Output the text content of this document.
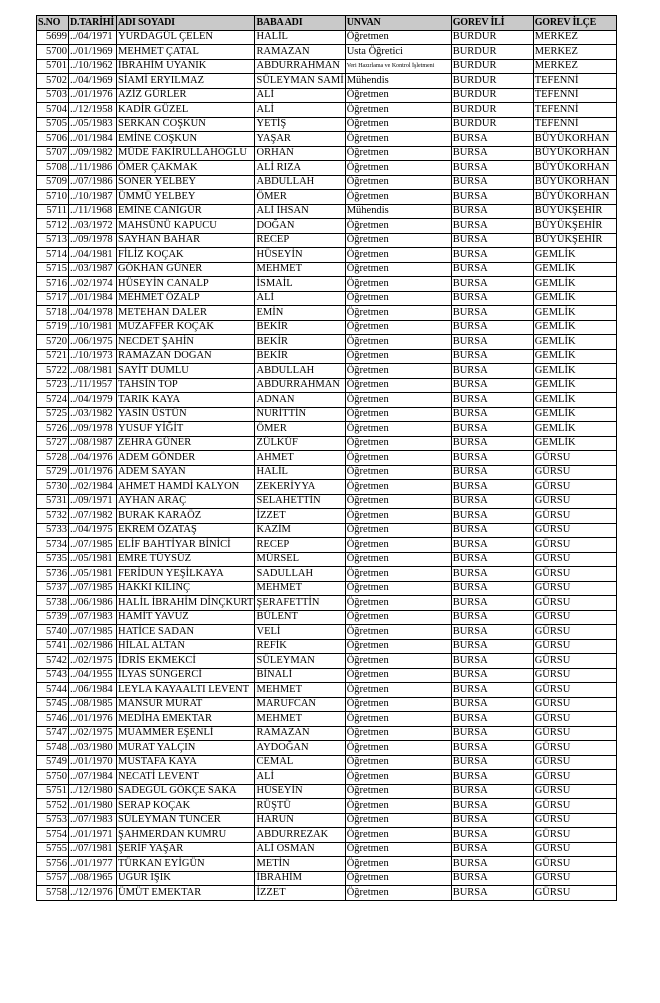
S.NO	D.TARİHİ	ADI SOYADI	BABA ADI	UNVAN	GOREV İLİ	GOREV İLÇE
5699	../04/1971	YURDAGÜL ÇELEN	HALİL	Öğretmen	BURDUR	MERKEZ
5700	../01/1969	MEHMET ÇATAL	RAMAZAN	Usta Öğretici	BURDUR	MERKEZ
5701	../10/1962	İBRAHİM UYANIK	ABDURRAHMAN	Veri Hazırlama ve Kontrol İşletmeni	BURDUR	MERKEZ
5702	../04/1969	SİAMİ ERYILMAZ	SÜLEYMAN SAMİ	Mühendis	BURDUR	TEFENNİ
5703	../01/1976	AZİZ GÜRLER	ALİ	Öğretmen	BURDUR	TEFENNİ
5704	../12/1958	KADİR GÜZEL	ALİ	Öğretmen	BURDUR	TEFENNİ
5705	../05/1983	SERKAN COŞKUN	YETİŞ	Öğretmen	BURDUR	TEFENNİ
5706	../01/1984	EMİNE COŞKUN	YAŞAR	Öğretmen	BURSA	BÜYÜKORHAN
5707	../09/1982	MÜDE FAKİRULLAHOĞLU	ORHAN	Öğretmen	BURSA	BÜYÜKORHAN
5708	../11/1986	ÖMER ÇAKMAK	ALİ RIZA	Öğretmen	BURSA	BÜYÜKORHAN
5709	../07/1986	SONER YELBEY	ABDULLAH	Öğretmen	BURSA	BÜYÜKORHAN
5710	../10/1987	ÜMMÜ YELBEY	ÖMER	Öğretmen	BURSA	BÜYÜKORHAN
5711	../11/1968	EMİNE CANİGÜR	ALİ İHSAN	Mühendis	BURSA	BÜYÜKŞEHİR
5712	../03/1972	MAHSÜNÜ KAPUCU	DOĞAN	Öğretmen	BURSA	BÜYÜKŞEHİR
5713	../09/1978	SAYHAN BAHAR	RECEP	Öğretmen	BURSA	BÜYÜKŞEHİR
5714	../04/1981	FİLİZ KOÇAK	HÜSEYİN	Öğretmen	BURSA	GEMLİK
5715	../03/1987	GÖKHAN GÜNER	MEHMET	Öğretmen	BURSA	GEMLİK
5716	../02/1974	HÜSEYİN CANALP	İSMAİL	Öğretmen	BURSA	GEMLİK
5717	../01/1984	MEHMET ÖZALP	ALİ	Öğretmen	BURSA	GEMLİK
5718	../04/1978	METEHAN DALER	EMİN	Öğretmen	BURSA	GEMLİK
5719	../10/1981	MUZAFFER KOÇAK	BEKİR	Öğretmen	BURSA	GEMLİK
5720	../06/1975	NECDET ŞAHİN	BEKİR	Öğretmen	BURSA	GEMLİK
5721	../10/1973	RAMAZAN DOĞAN	BEKİR	Öğretmen	BURSA	GEMLİK
5722	../08/1981	SAYİT DUMLU	ABDULLAH	Öğretmen	BURSA	GEMLİK
5723	../11/1957	TAHSİN TOP	ABDURRAHMAN	Öğretmen	BURSA	GEMLİK
5724	../04/1979	TARIK KAYA	ADNAN	Öğretmen	BURSA	GEMLİK
5725	../03/1982	YASİN ÜSTÜN	NURİTTİN	Öğretmen	BURSA	GEMLİK
5726	../09/1978	YUSUF YİĞİT	ÖMER	Öğretmen	BURSA	GEMLİK
5727	../08/1987	ZEHRA GÜNER	ZÜLKÜF	Öğretmen	BURSA	GEMLİK
5728	../04/1976	ADEM GÖNDER	AHMET	Öğretmen	BURSA	GÜRSU
5729	../01/1976	ADEM SAYAN	HALİL	Öğretmen	BURSA	GÜRSU
5730	../02/1984	AHMET HAMDİ KALYON	ZEKERİYYA	Öğretmen	BURSA	GÜRSU
5731	../09/1971	AYHAN ARAÇ	SELAHETTİN	Öğretmen	BURSA	GÜRSU
5732	../07/1982	BURAK KARAÖZ	İZZET	Öğretmen	BURSA	GÜRSU
5733	../04/1975	EKREM ÖZATAŞ	KAZİM	Öğretmen	BURSA	GÜRSU
5734	../07/1985	ELİF BAHTİYAR BİNİCİ	RECEP	Öğretmen	BURSA	GÜRSU
5735	../05/1981	EMRE TÜYSÜZ	MÜRSEL	Öğretmen	BURSA	GÜRSU
5736	../05/1981	FERİDUN YEŞİLKAYA	SADULLAH	Öğretmen	BURSA	GÜRSU
5737	../07/1985	HAKKI KILINÇ	MEHMET	Öğretmen	BURSA	GÜRSU
5738	../06/1986	HALİL İBRAHİM DİNÇKURT	ŞERAFETTİN	Öğretmen	BURSA	GÜRSU
5739	../07/1983	HAMİT YAVUZ	BÜLENT	Öğretmen	BURSA	GÜRSU
5740	../07/1985	HATİCE SADAN	VELİ	Öğretmen	BURSA	GÜRSU
5741	../02/1986	HİLAL ALTAN	REFİK	Öğretmen	BURSA	GÜRSU
5742	../02/1975	İDRİS EKMEKCİ	SÜLEYMAN	Öğretmen	BURSA	GÜRSU
5743	../04/1955	İLYAS SÜNGERCİ	BİNALİ	Öğretmen	BURSA	GÜRSU
5744	../06/1984	LEYLA KAYAALTI LEVENT	MEHMET	Öğretmen	BURSA	GÜRSU
5745	../08/1985	MANSUR MURAT	MARUFCAN	Öğretmen	BURSA	GÜRSU
5746	../01/1976	MEDİHA EMEKTAR	MEHMET	Öğretmen	BURSA	GÜRSU
5747	../02/1975	MUAMMER EŞENLİ	RAMAZAN	Öğretmen	BURSA	GÜRSU
5748	../03/1980	MURAT YALÇIN	AYDOĞAN	Öğretmen	BURSA	GÜRSU
5749	../01/1970	MUSTAFA KAYA	CEMAL	Öğretmen	BURSA	GÜRSU
5750	../07/1984	NECATİ LEVENT	ALİ	Öğretmen	BURSA	GÜRSU
5751	../12/1980	SADEGÜL GÖKÇE SAKA	HÜSEYİN	Öğretmen	BURSA	GÜRSU
5752	../01/1980	SERAP KOÇAK	RÜŞTÜ	Öğretmen	BURSA	GÜRSU
5753	../07/1983	SÜLEYMAN TUNCER	HARUN	Öğretmen	BURSA	GÜRSU
5754	../01/1971	ŞAHMERDAN KUMRU	ABDURREZAK	Öğretmen	BURSA	GÜRSU
5755	../07/1981	ŞERİF YAŞAR	ALİ OSMAN	Öğretmen	BURSA	GÜRSU
5756	../01/1977	TÜRKAN EYİGÜN	METİN	Öğretmen	BURSA	GÜRSU
5757	../08/1965	UĞUR IŞIK	İBRAHİM	Öğretmen	BURSA	GÜRSU
5758	../12/1976	ÜMÜT EMEKTAR	İZZET	Öğretmen	BURSA	GÜRSU
